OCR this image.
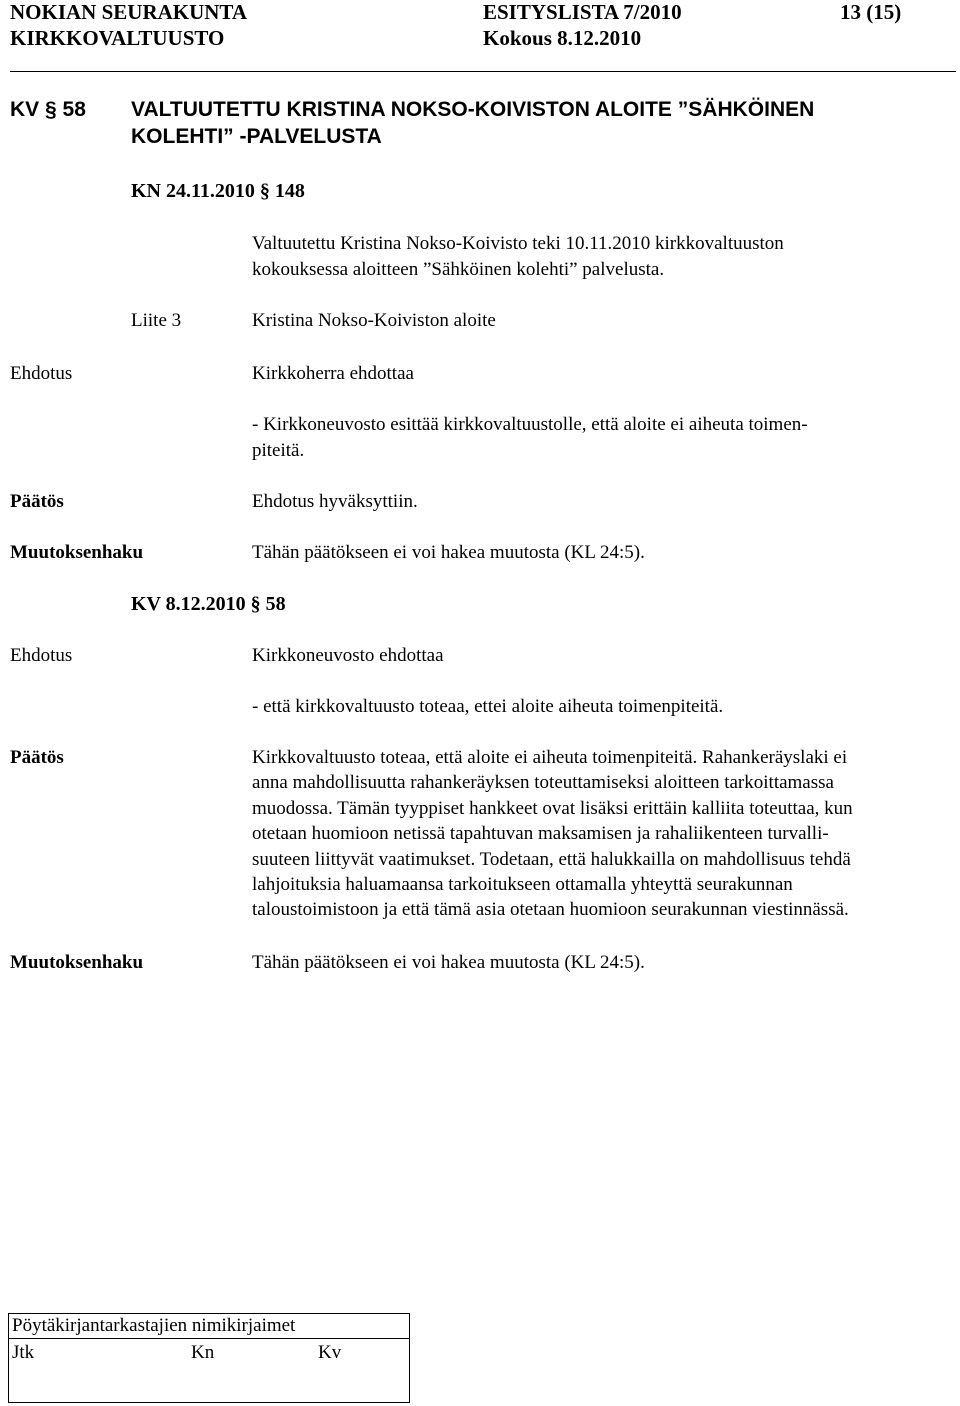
NOKIAN SEURAKUNTA
KIRKKOVALTUUSTO
ESITYSLISTA 7/2010
Kokous 8.12.2010
13 (15)
KV § 58 VALTUUTETTU KRISTINA NOKSO-KOIVISTON ALOITE ”SÄHKÖINEN
KOLEHTI” -PALVELUSTA
KN 24.11.2010 § 148
Valtuutettu Kristina Nokso-Koivisto teki 10.11.2010 kirkkovaltuuston
kokouksessa aloitteen ”Sähköinen kolehti” palvelusta.
Liite 3	Kristina Nokso-Koiviston aloite
Ehdotus	Kirkkoherra ehdottaa
- Kirkkoneuvosto esittää kirkkovaltuustolle, että aloite ei aiheuta toimen-
piteitä.
Päätös	Ehdotus hyväksyttiin.
Muutoksenhaku	Tähän päätökseen ei voi hakea muutosta (KL 24:5).
KV 8.12.2010 § 58
Ehdotus	Kirkkoneuvosto ehdottaa
- että kirkkovaltuusto toteaa, ettei aloite aiheuta toimenpiteitä.
Päätös	Kirkkovaltuusto toteaa, että aloite ei aiheuta toimenpiteitä. Rahankeräyslaki ei
anna mahdollisuutta rahankeräyksen toteuttamiseksi aloitteen tarkoittamassa
muodossa. Tämän tyyppiset hankkeet ovat lisäksi erittäin kalliita toteuttaa, kun
otetaan huomioon netissä tapahtuvan maksamisen ja rahaliikenteen turvalli-
suuteen liittyvät vaatimukset. Todetaan, että halukkailla on mahdollisuus tehdä
lahjoituksia haluamaansa tarkoitukseen ottamalla yhteyttä seurakunnan
taloustoimistoon ja että tämä asia otetaan huomioon seurakunnan viestinnässä.
Muutoksenhaku	Tähän päätökseen ei voi hakea muutosta (KL 24:5).
Pöytäkirjantarkastajien nimikirjaimet
Jtk	Kn	Kv
